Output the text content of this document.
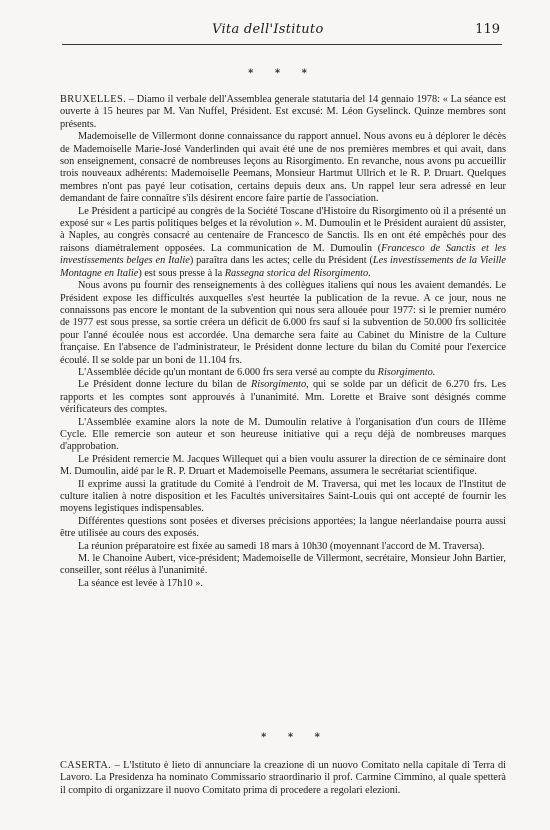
Vita dell'Istituto	119
* * *

BRUXELLES. – Diamo il verbale dell'Assemblea generale statutaria del 14 gennaio 1978: « La séance est ouverte à 15 heures par M. Van Nuffel, Président. Est excusé: M. Léon Gyselinck. Quinze membres sont présents.

Mademoiselle de Villermont donne connaissance du rapport annuel. Nous avons eu à déplorer le décès de Mademoiselle Marie-José Vanderlinden qui avait été une de nos premières membres et qui avait, dans son enseignement, consacré de nombreuses leçons au Risorgimento. En revanche, nous avons pu accueillir trois nouveaux adhérents: Mademoiselle Peemans, Monsieur Hartmut Ullrich et le R. P. Druart. Quelques membres n'ont pas payé leur cotisation, certains depuis deux ans. Un rappel leur sera adressé en leur demandant de faire connaître s'ils désirent encore faire partie de l'association.

Le Président a participé au congrès de la Société Toscane d'Histoire du Risorgimento où il a présenté un exposé sur « Les partis politiques belges et la révolution ». M. Dumoulin et le Président auraient dû assister, à Naples, au congrès consacré au centenaire de Francesco de Sanctis. Ils en ont été empêchés pour des raisons diamétralement opposées. La communication de M. Dumoulin (Francesco de Sanctis et les investissements belges en Italie) paraîtra dans les actes; celle du Président (Les investissements de la Vieille Montagne en Italie) est sous presse à la Rassegna storica del Risorgimento.

Nous avons pu fournir des renseignements à des collègues italiens qui nous les avaient demandés. Le Président expose les difficultés auxquelles s'est heurtée la publication de la revue. A ce jour, nous ne connaissons pas encore le montant de la subvention qui nous sera allouée pour 1977: si le premier numéro de 1977 est sous presse, sa sortie créera un déficit de 6.000 frs sauf si la subvention de 50.000 frs sollicitée pour l'anné écoulée nous est accordée. Una demarche sera faite au Cabinet du Ministre de la Culture française. En l'absence de l'administrateur, le Président donne lecture du bilan du Comité pour l'exercice écoulé. Il se solde par un boni de 11.104 frs.

L'Assemblée décide qu'un montant de 6.000 frs sera versé au compte du Risorgimento.

Le Président donne lecture du bilan de Risorgimento, qui se solde par un déficit de 6.270 frs. Les rapports et les comptes sont approuvés à l'unanimité. Mm. Lorette et Braive sont désignés comme vérificateurs des comptes.

L'Assemblée examine alors la note de M. Dumoulin relative à l'organisation d'un cours de IIIème Cycle. Elle remercie son auteur et son heureuse initiative qui a reçu déjà de nombreuses marques d'approbation.

Le Président remercie M. Jacques Willequet qui a bien voulu assurer la direction de ce séminaire dont M. Dumoulin, aidé par le R. P. Druart et Mademoiselle Peemans, assumera le secrétariat scientifique.

Il exprime aussi la gratitude du Comité à l'endroit de M. Traversa, qui met les locaux de l'Institut de culture italien à notre disposition et les Facultés universitaires Saint-Louis qui ont accepté de fournir les moyens legistiques indispensables.

Différentes questions sont posées et diverses précisions apportées; la langue néerlandaise pourra aussi être utilisée au cours des exposés.

La réunion préparatoire est fixée au samedi 18 mars à 10h30 (moyennant l'accord de M. Traversa).

M. le Chanoine Aubert, vice-président; Mademoiselle de Villermont, secrétaire, Monsieur John Bartier, conseiller, sont réélus à l'unanimité.

La séance est levée à 17h10 ».

* * *

CASERTA. – L'Istituto è lieto di annunciare la creazione di un nuovo Comitato nella capitale di Terra di Lavoro. La Presidenza ha nominato Commissario straordinario il prof. Carmine Cimmino, al quale spetterà il compito di organizzare il nuovo Comitato prima di procedere a regolari elezioni.
